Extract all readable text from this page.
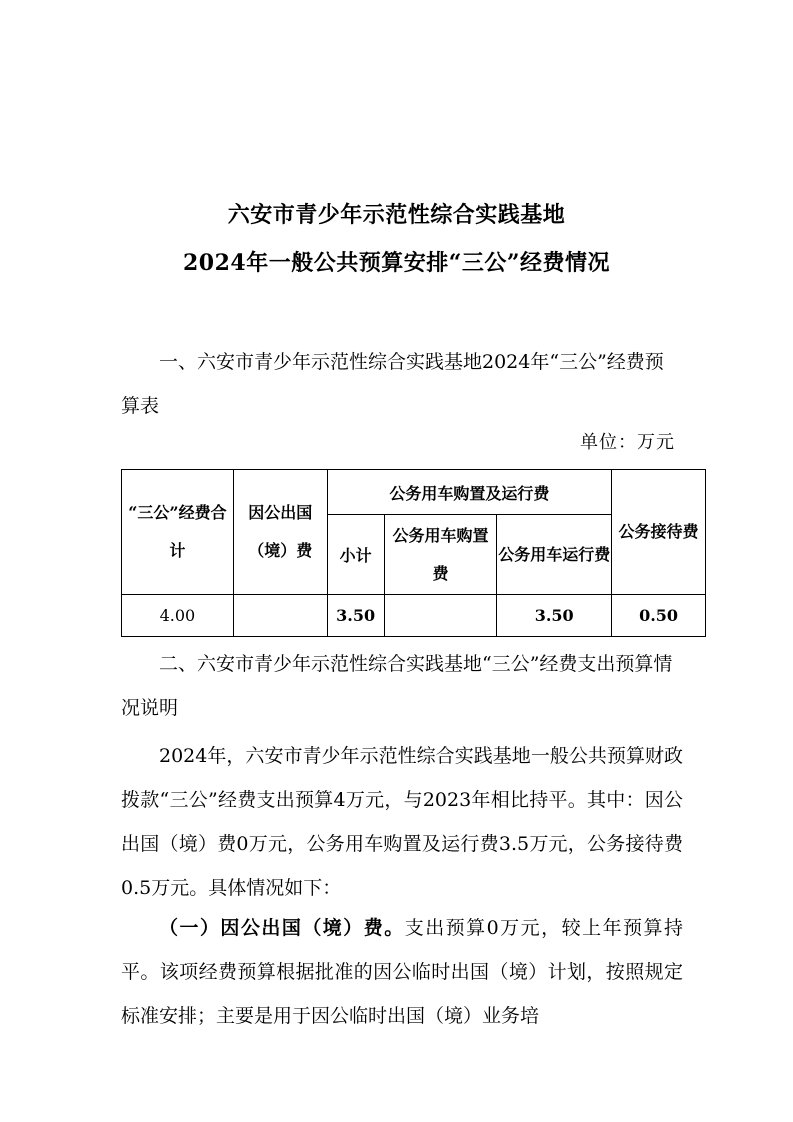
六安市青少年示范性综合实践基地
2024年一般公共预算安排“三公”经费情况
一、六安市青少年示范性综合实践基地2024年“三公”经费预算表
单位：万元
“三公”经费合计	因公出国（境）费	公务用车购置及运行费			公务接待费
		小计	公务用车购置费	公务用车运行费	
4.00		3.50		3.50	0.50
二、六安市青少年示范性综合实践基地“三公”经费支出预算情况说明
2024年，六安市青少年示范性综合实践基地一般公共预算财政拨款“三公”经费支出预算4万元，与2023年相比持平。其中：因公出国（境）费0万元，公务用车购置及运行费3.5万元，公务接待费0.5万元。具体情况如下：
（一）因公出国（境）费。支出预算0万元，较上年预算持平。该项经费预算根据批准的因公临时出国（境）计划，按照规定标准安排；主要是用于因公临时出国（境）业务培
